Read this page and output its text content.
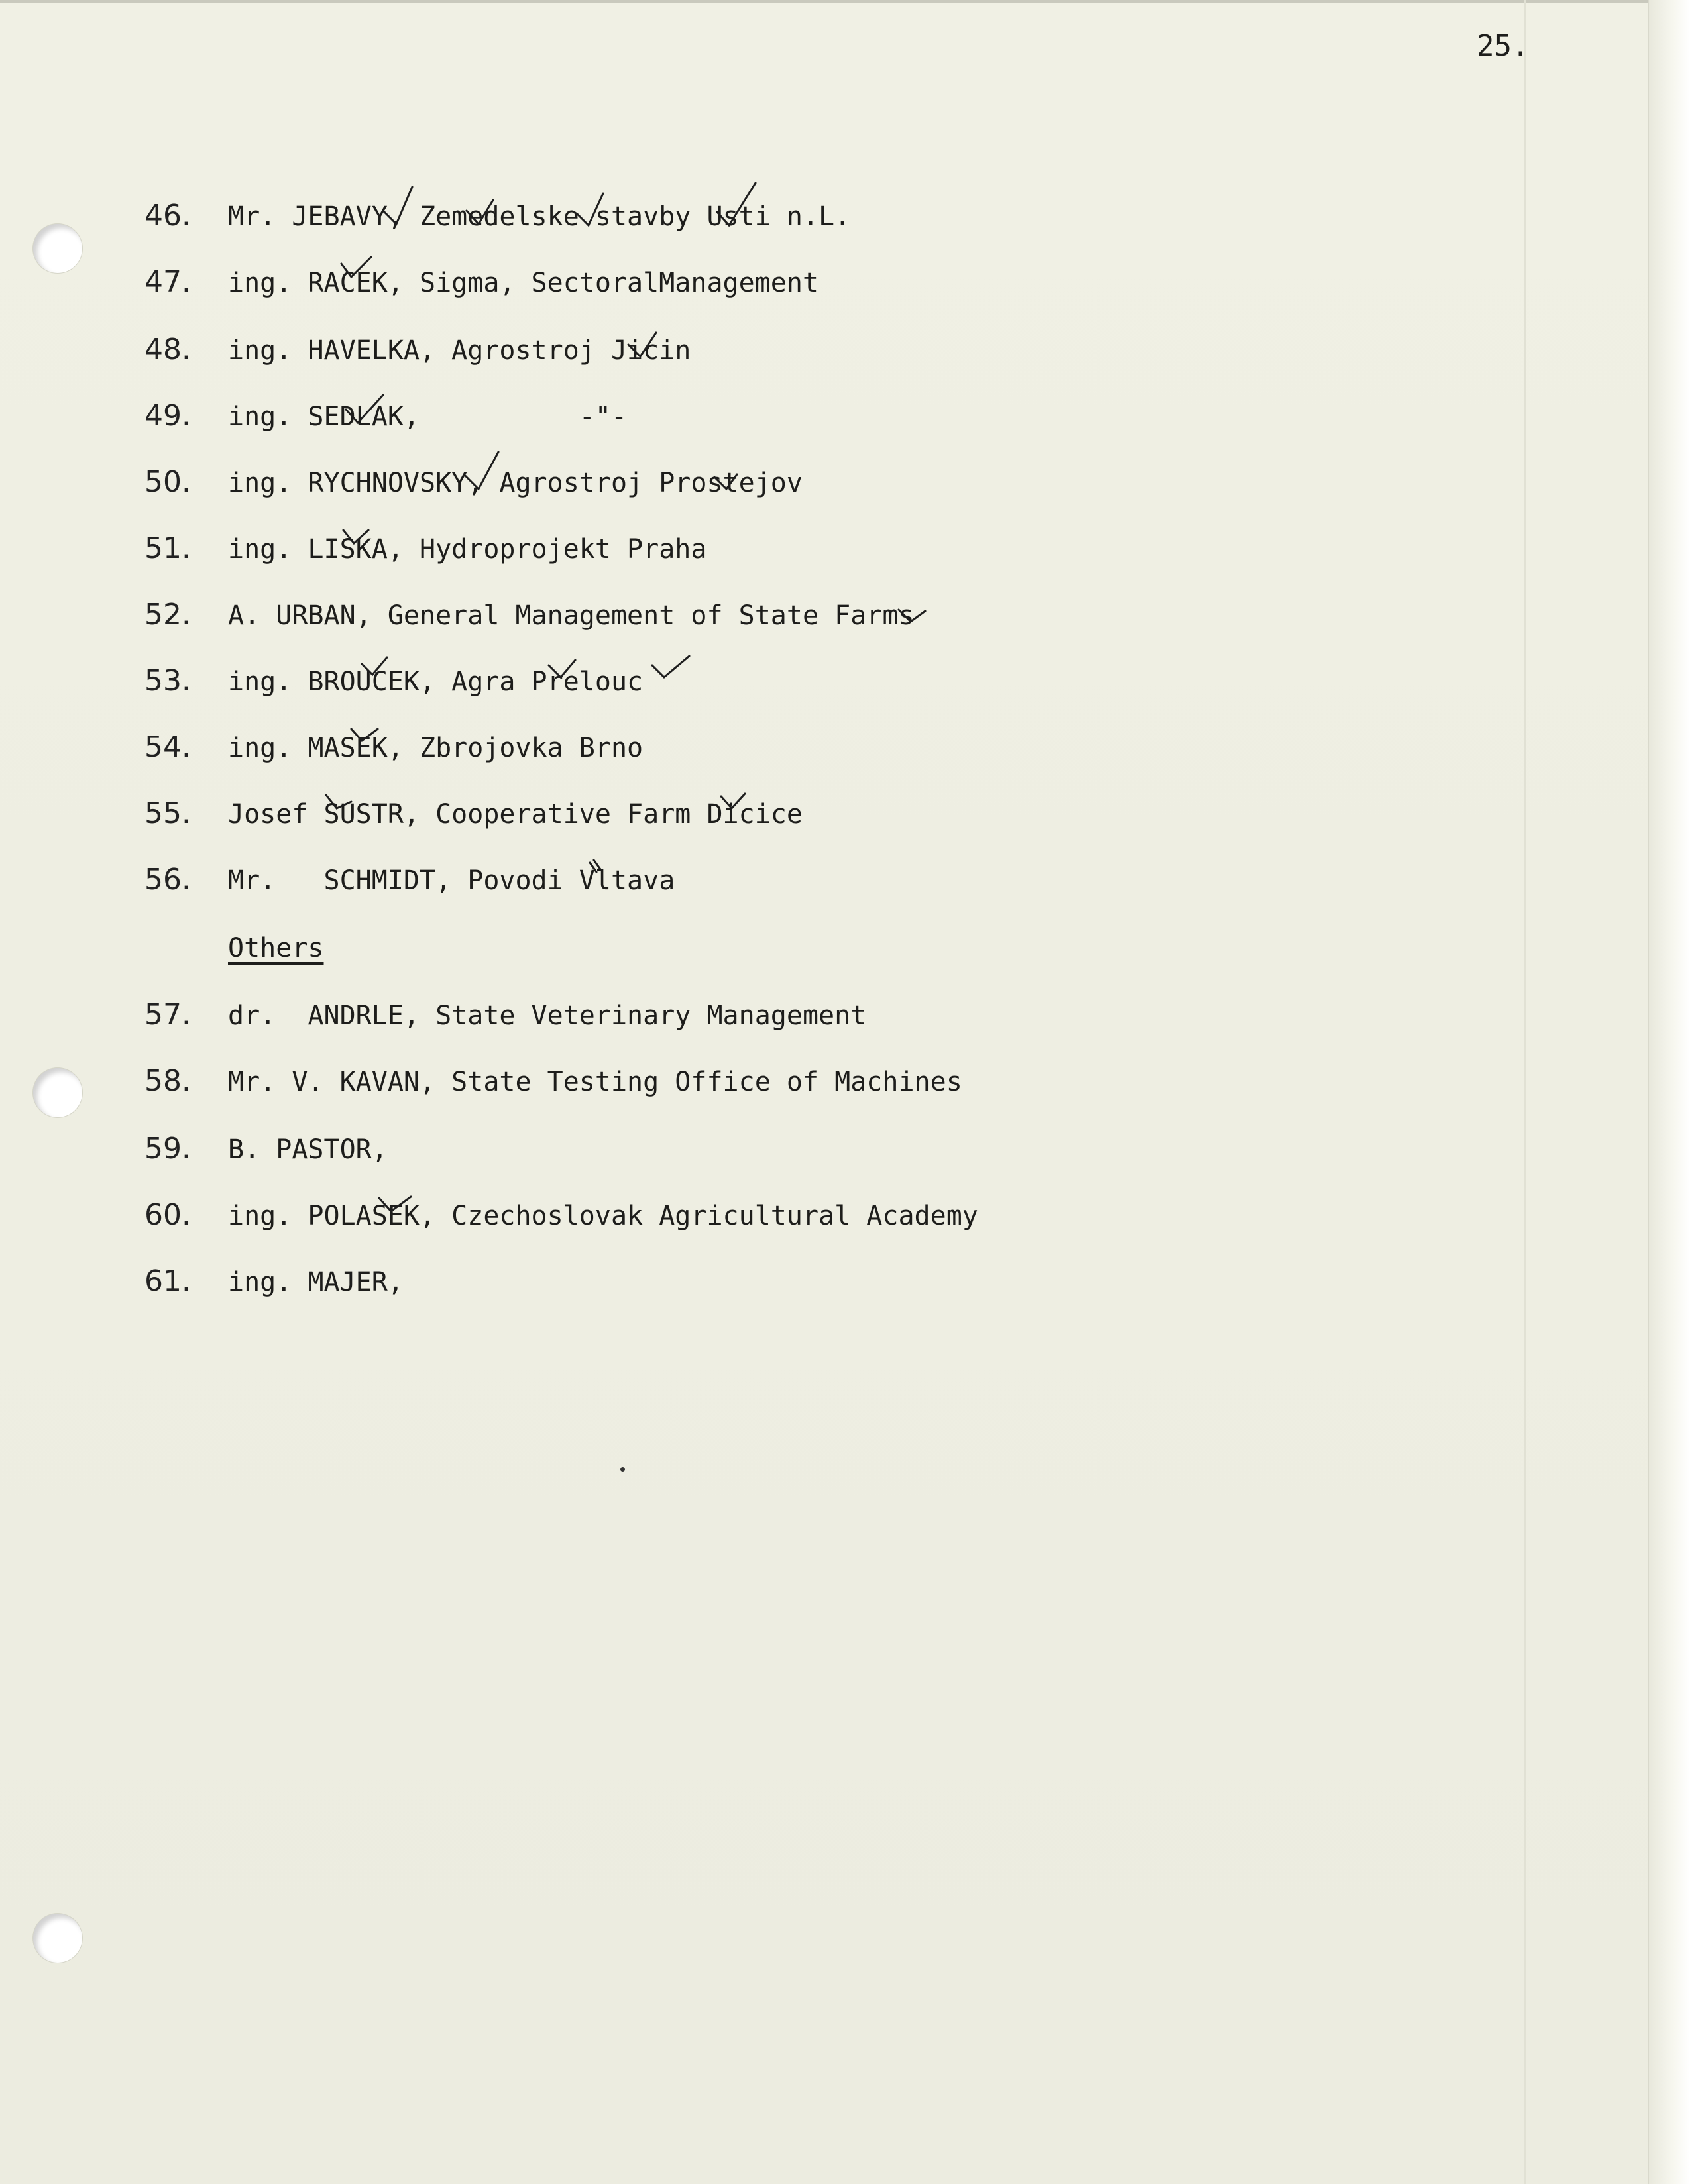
25.
46.	Mr. JEBAVY, Zemedelske stavby Usti n.L.
47.	ing. RACEK, Sigma, SectoralManagement
48.	ing. HAVELKA, Agrostroj Jicin
49.	ing. SEDLAK,          -"-
50.	ing. RYCHNOVSKY, Agrostroj Prostejov
51.	ing. LISKA, Hydroprojekt Praha
52.	A. URBAN, General Management of State Farms
53.	ing. BROUCEK, Agra Prelouc
54.	ing. MASEK, Zbrojovka Brno
55.	Josef SUSTR, Cooperative Farm Dicice
56.	Mr.   SCHMIDT, Povodi Vltava
Others
57.	dr.  ANDRLE, State Veterinary Management
58.	Mr. V. KAVAN, State Testing Office of Machines
59.	B. PASTOR,
60.	ing. POLASEK, Czechoslovak Agricultural Academy
61.	ing. MAJER,
